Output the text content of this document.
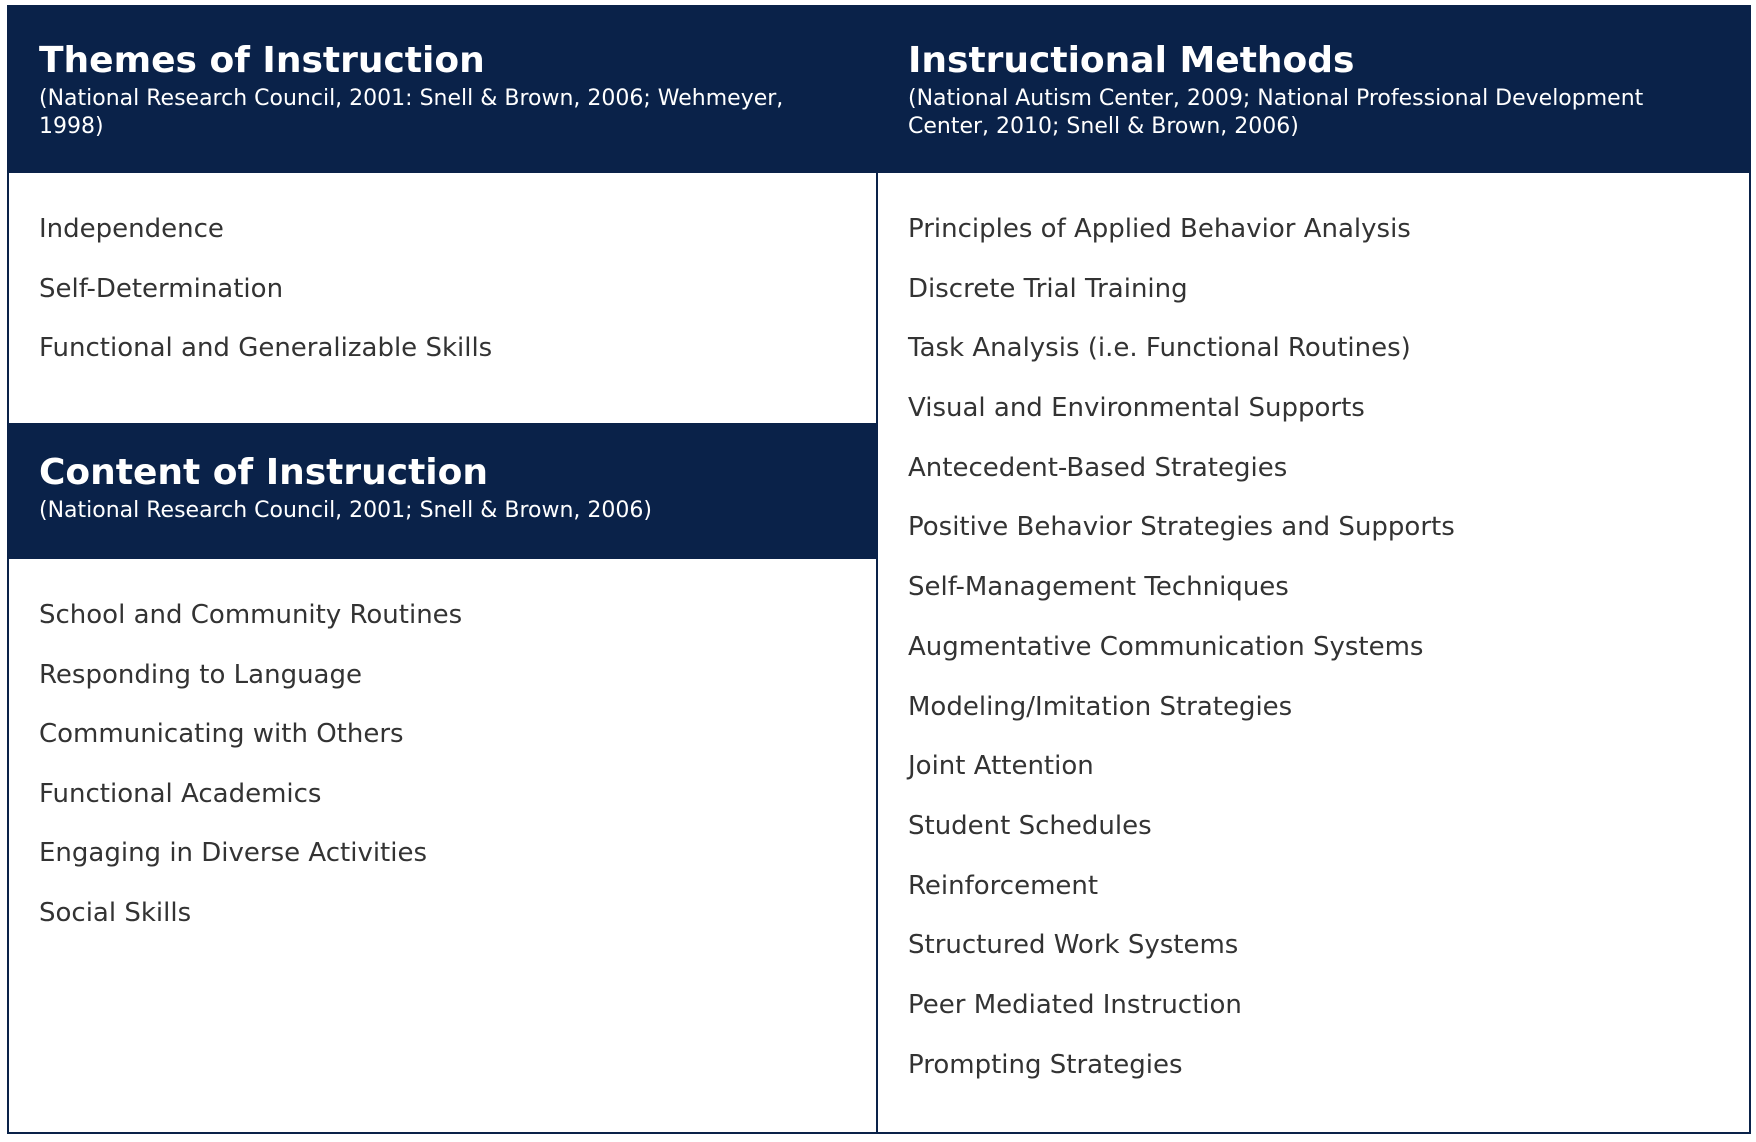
Themes of Instruction
(National Research Council, 2001: Snell & Brown, 2006; Wehmeyer, 1998)
Independence
Self-Determination
Functional and Generalizable Skills
Content of Instruction
(National Research Council, 2001; Snell & Brown, 2006)
School and Community Routines
Responding to Language
Communicating with Others
Functional Academics
Engaging in Diverse Activities
Social Skills
Instructional Methods
(National Autism Center, 2009; National Professional Development Center, 2010; Snell & Brown, 2006)
Principles of Applied Behavior Analysis
Discrete Trial Training
Task Analysis (i.e. Functional Routines)
Visual and Environmental Supports
Antecedent-Based Strategies
Positive Behavior Strategies and Supports
Self-Management Techniques
Augmentative Communication Systems
Modeling/Imitation Strategies
Joint Attention
Student Schedules
Reinforcement
Structured Work Systems
Peer Mediated Instruction
Prompting Strategies
